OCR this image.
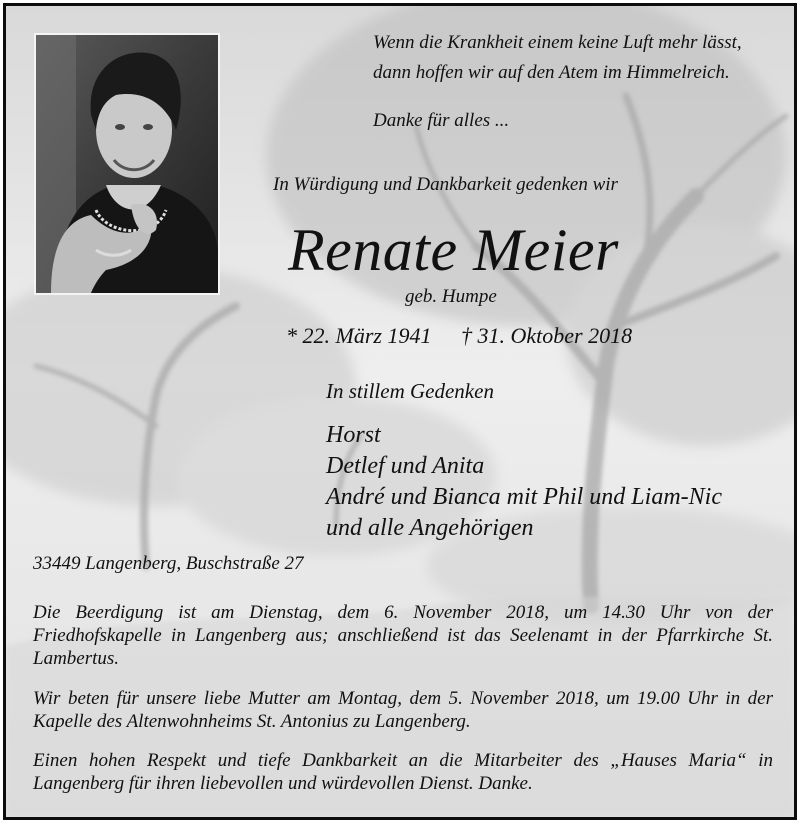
Wenn die Krankheit einem keine Luft mehr lässt,
dann hoffen wir auf den Atem im Himmelreich.
Danke für alles ...
In Würdigung und Dankbarkeit gedenken wir
Renate Meier
geb. Humpe
* 22. März 1941 † 31. Oktober 2018
In stillem Gedenken
Horst
Detlef und Anita
André und Bianca mit Phil und Liam-Nic
und alle Angehörigen
33449 Langenberg, Buschstraße 27
Die Beerdigung ist am Dienstag, dem 6. November 2018, um 14.30 Uhr von der Friedhofskapelle in Langenberg aus; anschließend ist das Seelenamt in der Pfarrkirche St. Lambertus.
Wir beten für unsere liebe Mutter am Montag, dem 5. November 2018, um 19.00 Uhr in der Kapelle des Altenwohnheims St. Antonius zu Langenberg.
Einen hohen Respekt und tiefe Dankbarkeit an die Mitarbeiter des „Hauses Maria“ in Langenberg für ihren liebevollen und würdevollen Dienst. Danke.
